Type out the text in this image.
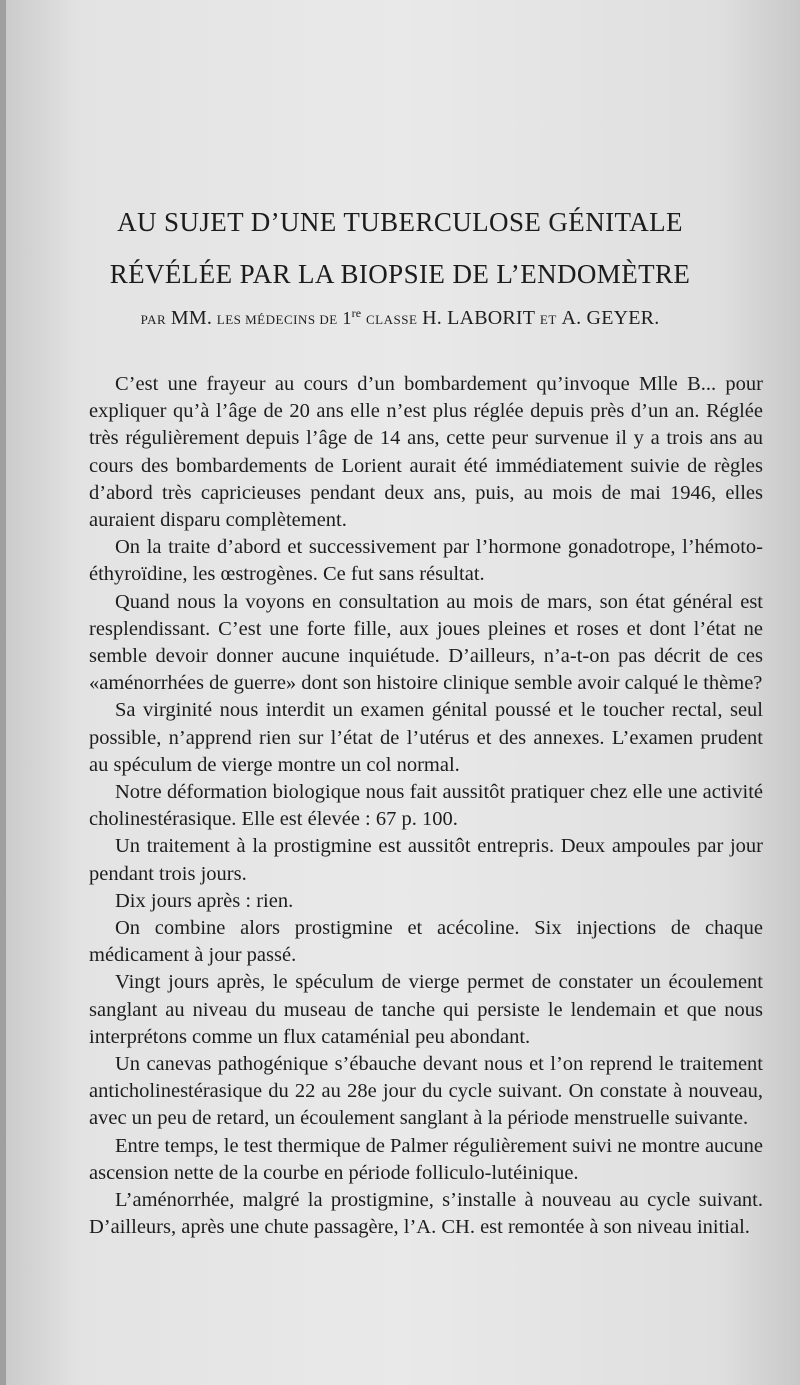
AU SUJET D’UNE TUBERCULOSE GÉNITALE
RÉVÉLÉE PAR LA BIOPSIE DE L’ENDOMÈTRE
PAR MM. LES MÉDECINS DE 1re CLASSE H. LABORIT ET A. GEYER.

C’est une frayeur au cours d’un bombardement qu’invoque Mlle B... pour expliquer qu’à l’âge de 20 ans elle n’est plus réglée depuis près d’un an. Réglée très régulièrement depuis l’âge de 14 ans, cette peur survenue il y a trois ans au cours des bombardements de Lorient aurait été immédiatement suivie de règles d’abord très capricieuses pendant deux ans, puis, au mois de mai 1946, elles auraient disparu complètement.

On la traite d’abord et successivement par l’hormone gonadotrope, l’hémoto-éthyroïdine, les œstrogènes. Ce fut sans résultat.

Quand nous la voyons en consultation au mois de mars, son état général est resplendissant. C’est une forte fille, aux joues pleines et roses et dont l’état ne semble devoir donner aucune inquiétude. D’ailleurs, n’a-t-on pas décrit de ces «aménorrhées de guerre» dont son histoire clinique semble avoir calqué le thème?

Sa virginité nous interdit un examen génital poussé et le toucher rectal, seul possible, n’apprend rien sur l’état de l’utérus et des annexes. L’examen prudent au spéculum de vierge montre un col normal.

Notre déformation biologique nous fait aussitôt pratiquer chez elle une activité cholinestérasique. Elle est élevée : 67 p. 100.

Un traitement à la prostigmine est aussitôt entrepris. Deux ampoules par jour pendant trois jours.

Dix jours après : rien.

On combine alors prostigmine et acécoline. Six injections de chaque médicament à jour passé.

Vingt jours après, le spéculum de vierge permet de constater un écoulement sanglant au niveau du museau de tanche qui persiste le lendemain et que nous interprétons comme un flux cataménial peu abondant.

Un canevas pathogénique s’ébauche devant nous et l’on reprend le traitement anticholinestérasique du 22 au 28e jour du cycle suivant. On constate à nouveau, avec un peu de retard, un écoulement sanglant à la période menstruelle suivante.

Entre temps, le test thermique de Palmer régulièrement suivi ne montre aucune ascension nette de la courbe en période folliculo-lutéinique.

L’aménorrhée, malgré la prostigmine, s’installe à nouveau au cycle suivant. D’ailleurs, après une chute passagère, l’A. CH. est remontée à son niveau initial.
